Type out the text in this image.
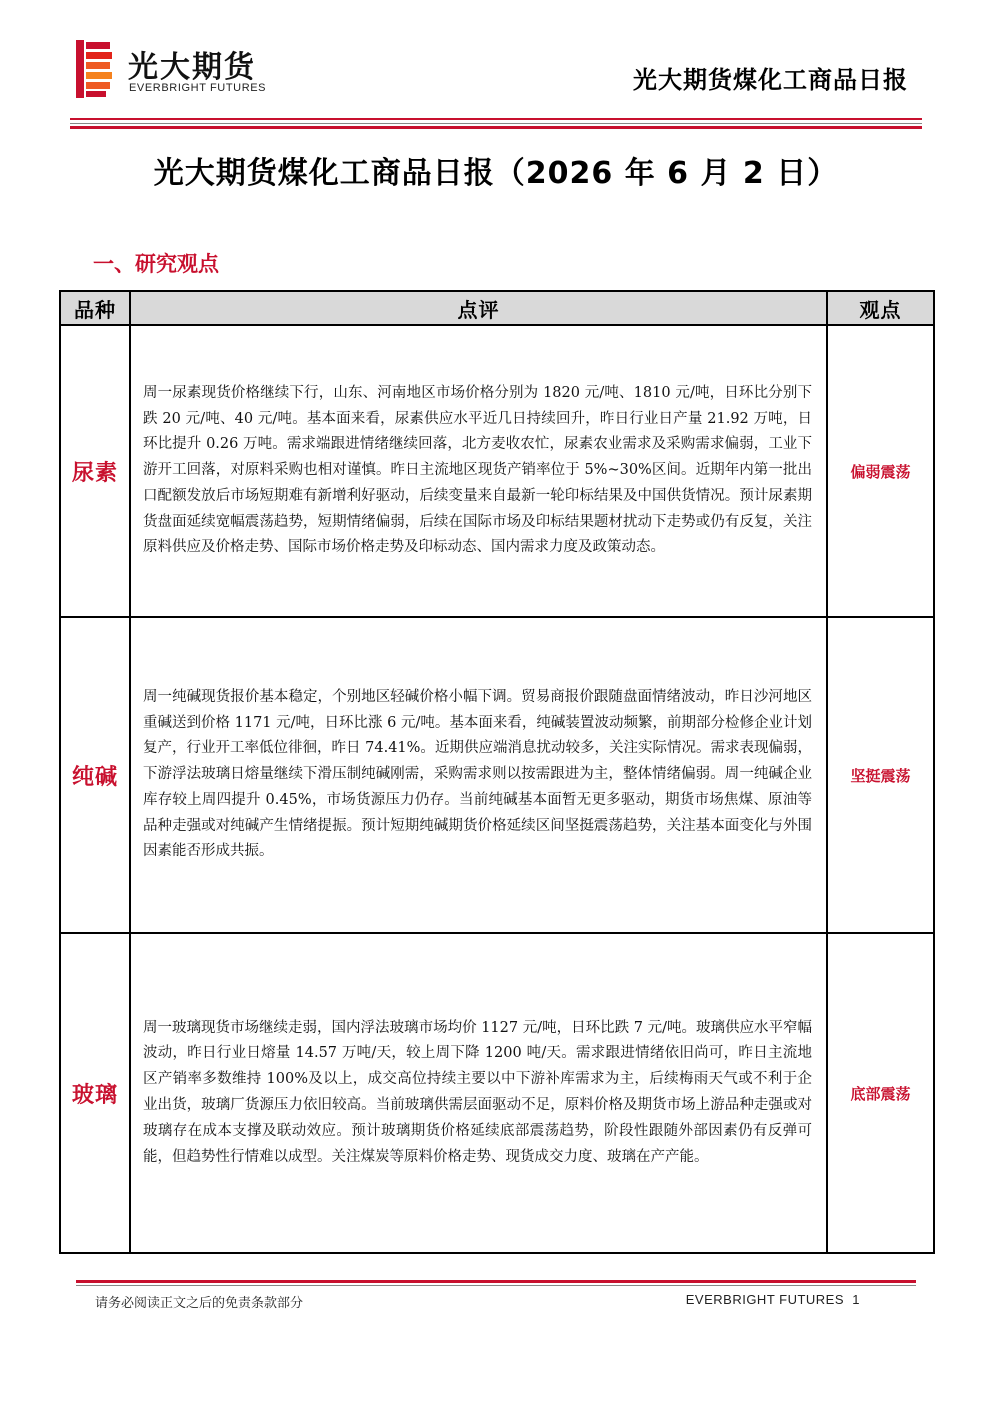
光大期货
EVERBRIGHT FUTURES	光大期货煤化工商品日报
光大期货煤化工商品日报（2026 年 6 月 2 日）
一、研究观点
品种	点评	观点
尿素	周一尿素现货价格继续下行，山东、河南地区市场价格分别为 1820 元/吨、1810 元/吨，日环比分别下跌 20 元/吨、40 元/吨。基本面来看，尿素供应水平近几日持续回升，昨日行业日产量 21.92 万吨，日环比提升 0.26 万吨。需求端跟进情绪继续回落，北方麦收农忙，尿素农业需求及采购需求偏弱，工业下游开工回落，对原料采购也相对谨慎。昨日主流地区现货产销率位于 5%~30%区间。近期年内第一批出口配额发放后市场短期难有新增利好驱动，后续变量来自最新一轮印标结果及中国供货情况。预计尿素期货盘面延续宽幅震荡趋势，短期情绪偏弱，后续在国际市场及印标结果题材扰动下走势或仍有反复，关注原料供应及价格走势、国际市场价格走势及印标动态、国内需求力度及政策动态。	偏弱震荡
纯碱	周一纯碱现货报价基本稳定，个别地区轻碱价格小幅下调。贸易商报价跟随盘面情绪波动，昨日沙河地区重碱送到价格 1171 元/吨，日环比涨 6 元/吨。基本面来看，纯碱装置波动频繁，前期部分检修企业计划复产，行业开工率低位徘徊，昨日 74.41%。近期供应端消息扰动较多，关注实际情况。需求表现偏弱，下游浮法玻璃日熔量继续下滑压制纯碱刚需，采购需求则以按需跟进为主，整体情绪偏弱。周一纯碱企业库存较上周四提升 0.45%，市场货源压力仍存。当前纯碱基本面暂无更多驱动，期货市场焦煤、原油等品种走强或对纯碱产生情绪提振。预计短期纯碱期货价格延续区间坚挺震荡趋势，关注基本面变化与外围因素能否形成共振。	坚挺震荡
玻璃	周一玻璃现货市场继续走弱，国内浮法玻璃市场均价 1127 元/吨，日环比跌 7 元/吨。玻璃供应水平窄幅波动，昨日行业日熔量 14.57 万吨/天，较上周下降 1200 吨/天。需求跟进情绪依旧尚可，昨日主流地区产销率多数维持 100%及以上，成交高位持续主要以中下游补库需求为主，后续梅雨天气或不利于企业出货，玻璃厂货源压力依旧较高。当前玻璃供需层面驱动不足，原料价格及期货市场上游品种走强或对玻璃存在成本支撑及联动效应。预计玻璃期货价格延续底部震荡趋势，阶段性跟随外部因素仍有反弹可能，但趋势性行情难以成型。关注煤炭等原料价格走势、现货成交力度、玻璃在产产能。	底部震荡
请务必阅读正文之后的免责条款部分	EVERBRIGHT FUTURES 1
